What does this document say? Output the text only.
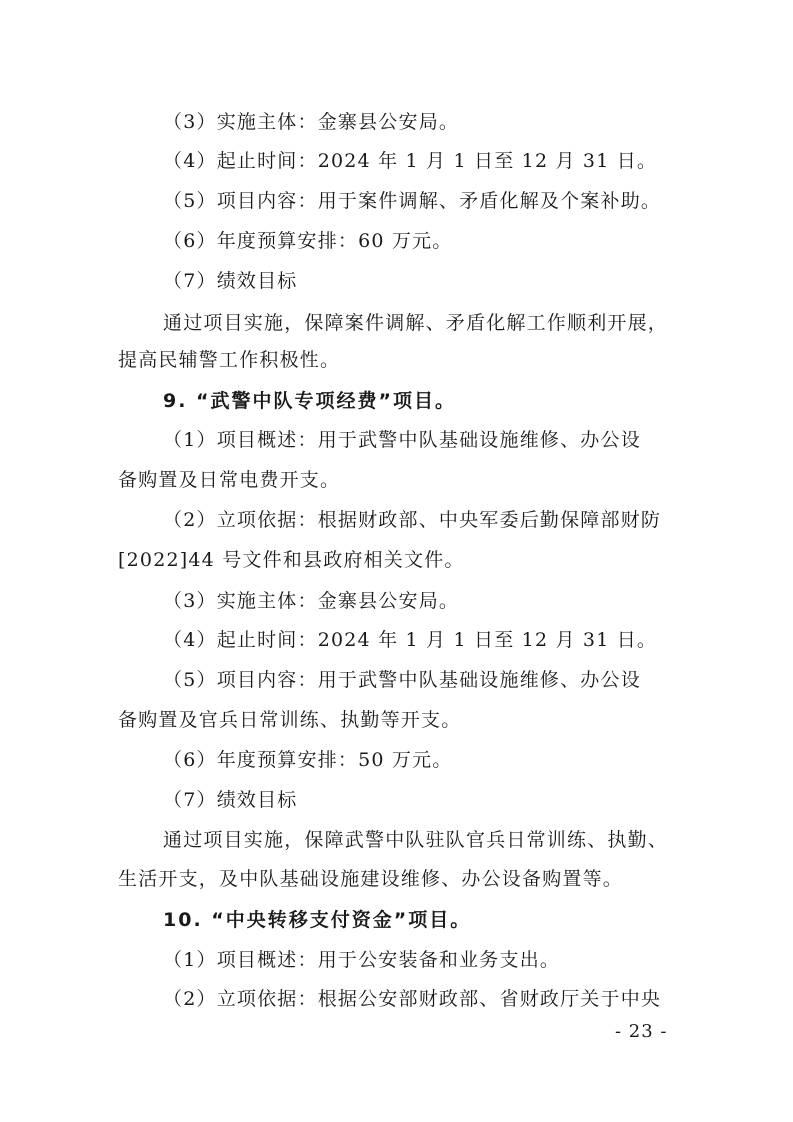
（3）实施主体：金寨县公安局。
（4）起止时间：2024 年 1 月 1 日至 12 月 31 日。
（5）项目内容：用于案件调解、矛盾化解及个案补助。
（6）年度预算安排：60 万元。
（7）绩效目标
通过项目实施，保障案件调解、矛盾化解工作顺利开展，
提高民辅警工作积极性。
9. “武警中队专项经费”项目。
（1）项目概述：用于武警中队基础设施维修、办公设
备购置及日常电费开支。
（2）立项依据：根据财政部、中央军委后勤保障部财防
[2022]44 号文件和县政府相关文件。
（3）实施主体：金寨县公安局。
（4）起止时间：2024 年 1 月 1 日至 12 月 31 日。
（5）项目内容：用于武警中队基础设施维修、办公设
备购置及官兵日常训练、执勤等开支。
（6）年度预算安排：50 万元。
（7）绩效目标
通过项目实施，保障武警中队驻队官兵日常训练、执勤、
生活开支，及中队基础设施建设维修、办公设备购置等。
10. “中央转移支付资金”项目。
（1）项目概述：用于公安装备和业务支出。
（2）立项依据：根据公安部财政部、省财政厅关于中央
- 23 -
